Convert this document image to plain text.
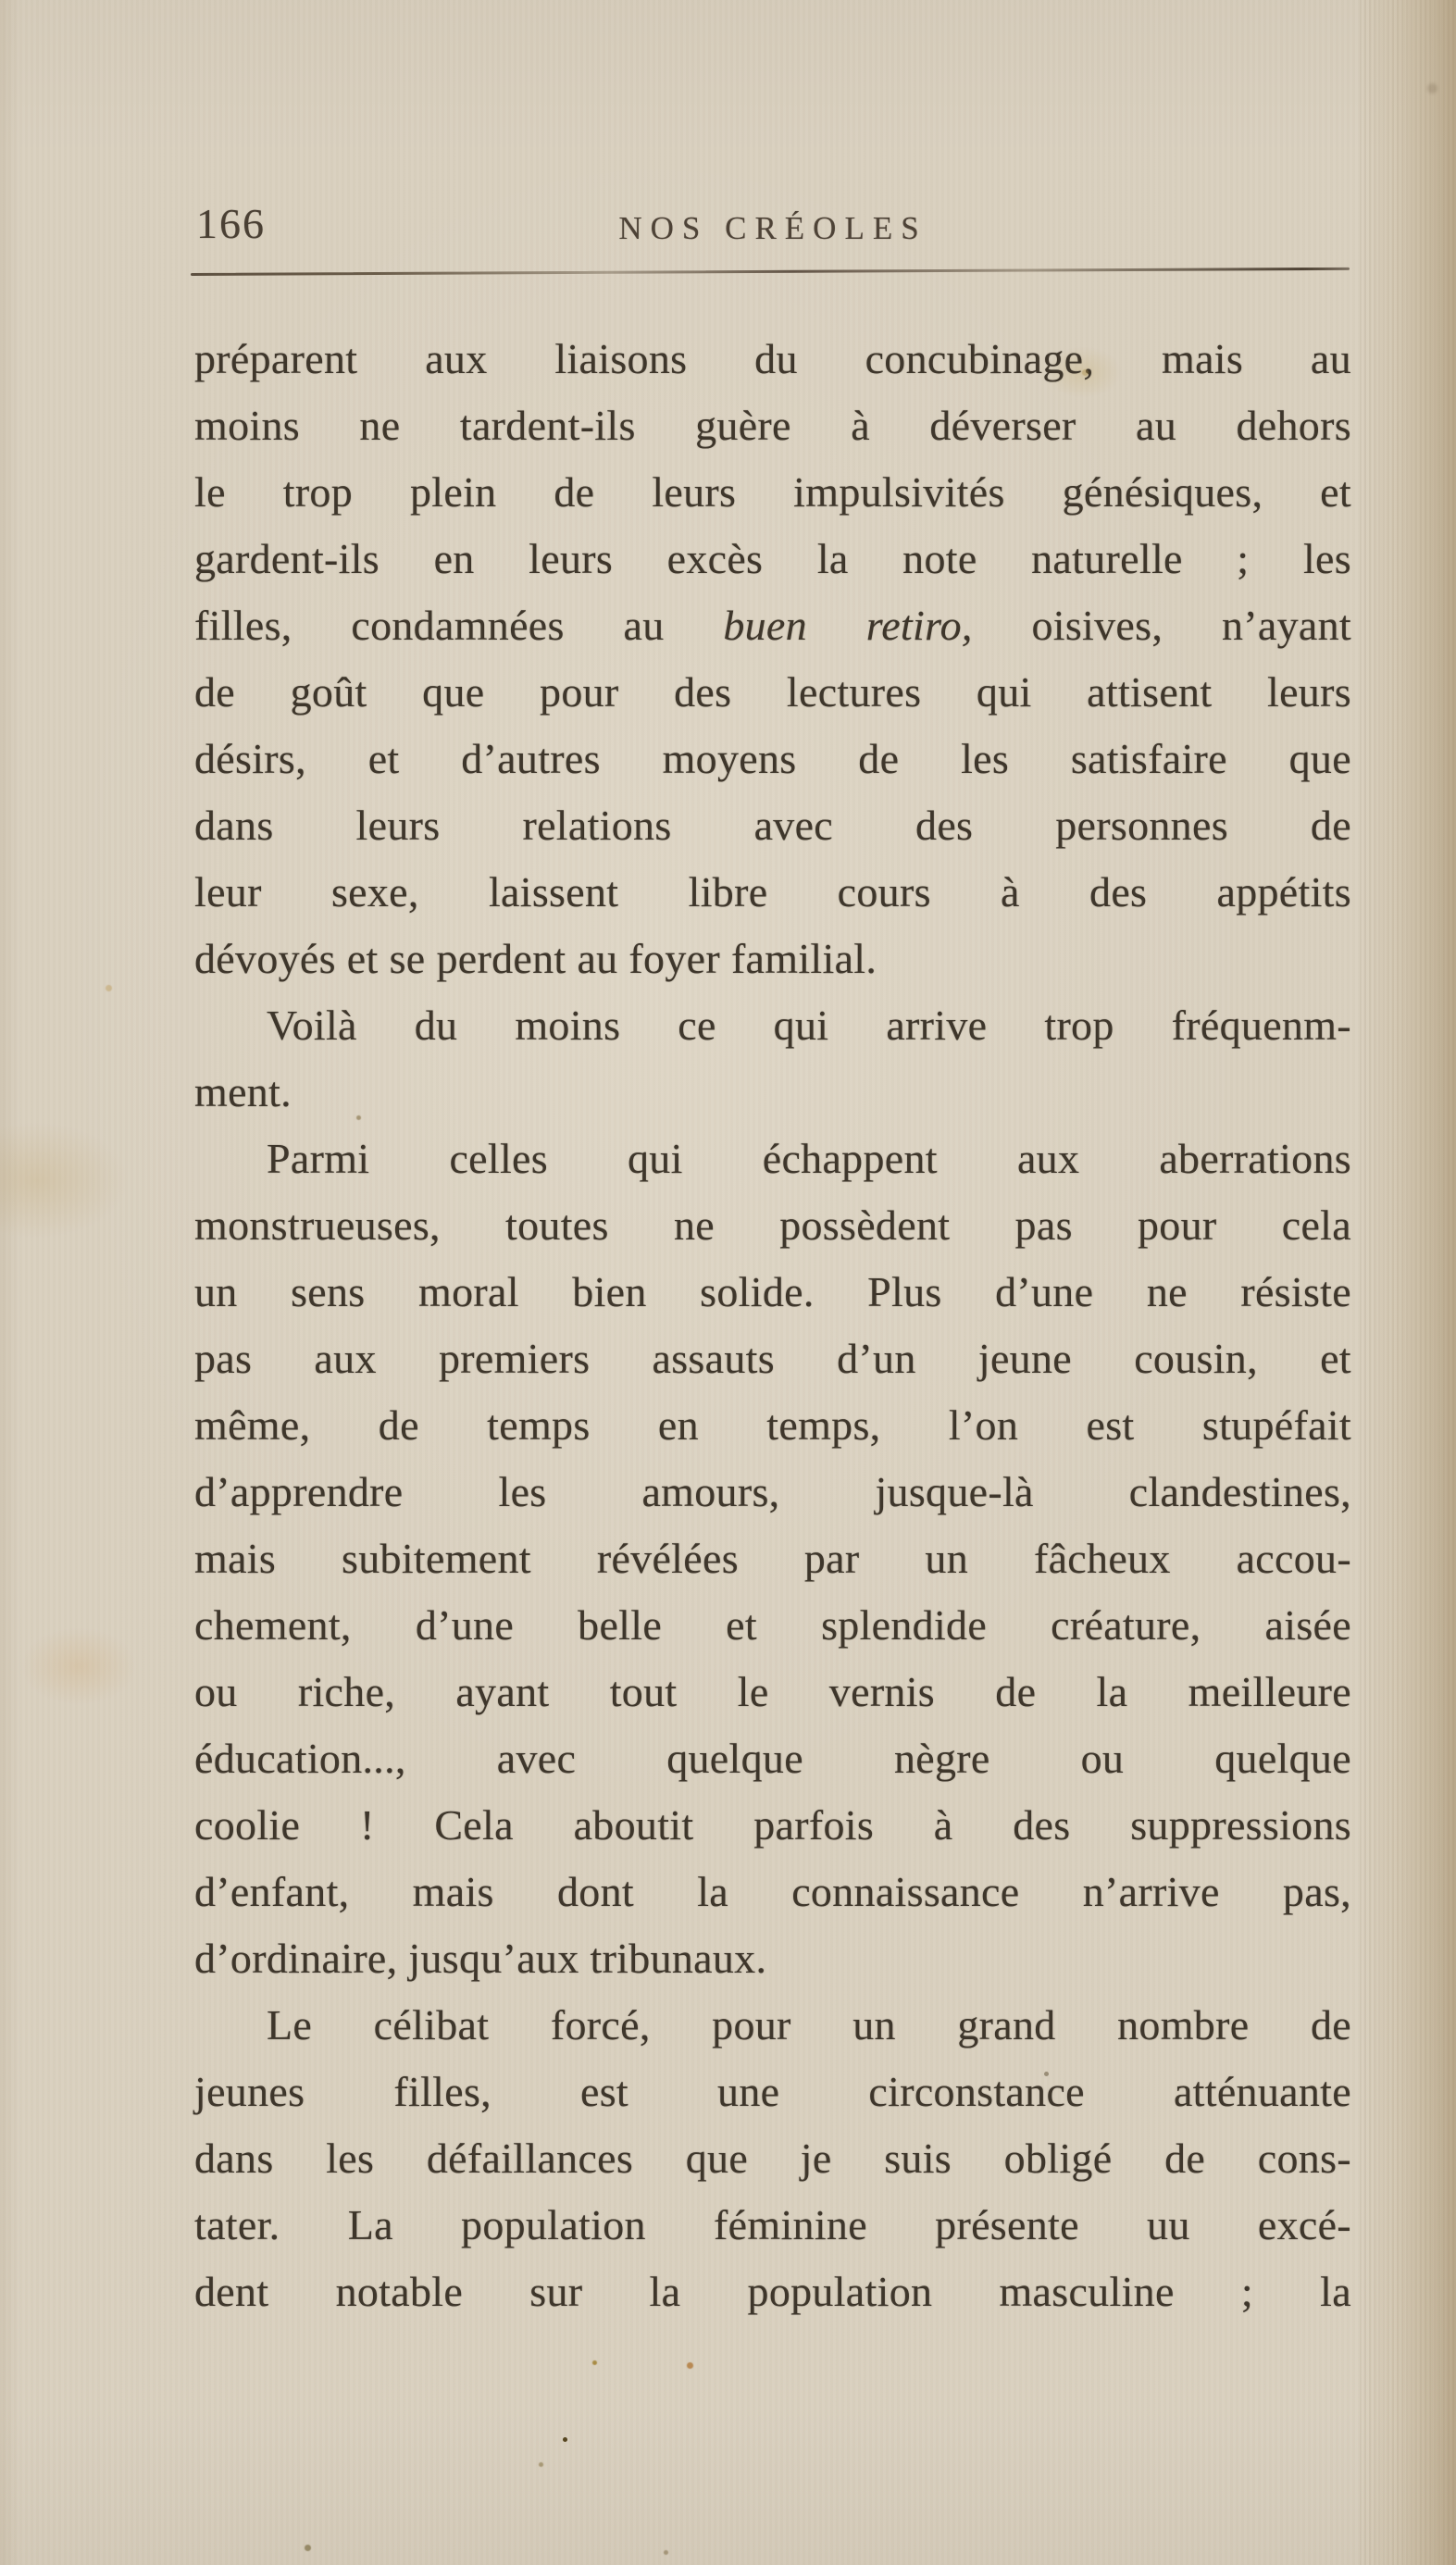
166	NOS CRÉOLES
préparent aux liaisons du concubinage, mais au
moins ne tardent-ils guère à déverser au dehors
le trop plein de leurs impulsivités génésiques, et
gardent-ils en leurs excès la note naturelle ; les
filles, condamnées au buen retiro, oisives, n’ayant
de goût que pour des lectures qui attisent leurs
désirs, et d’autres moyens de les satisfaire que
dans leurs relations avec des personnes de
leur sexe, laissent libre cours à des appétits
dévoyés et se perdent au foyer familial.
Voilà du moins ce qui arrive trop fréquenm-
ment.
Parmi celles qui échappent aux aberrations
monstrueuses, toutes ne possèdent pas pour cela
un sens moral bien solide. Plus d’une ne résiste
pas aux premiers assauts d’un jeune cousin, et
même, de temps en temps, l’on est stupéfait
d’apprendre les amours, jusque-là clandestines,
mais subitement révélées par un fâcheux accou-
chement, d’une belle et splendide créature, aisée
ou riche, ayant tout le vernis de la meilleure
éducation..., avec quelque nègre ou quelque
coolie ! Cela aboutit parfois à des suppressions
d’enfant, mais dont la connaissance n’arrive pas,
d’ordinaire, jusqu’aux tribunaux.
Le célibat forcé, pour un grand nombre de
jeunes filles, est une circonstance atténuante
dans les défaillances que je suis obligé de cons-
tater. La population féminine présente uu excé-
dent notable sur la population masculine ; la
